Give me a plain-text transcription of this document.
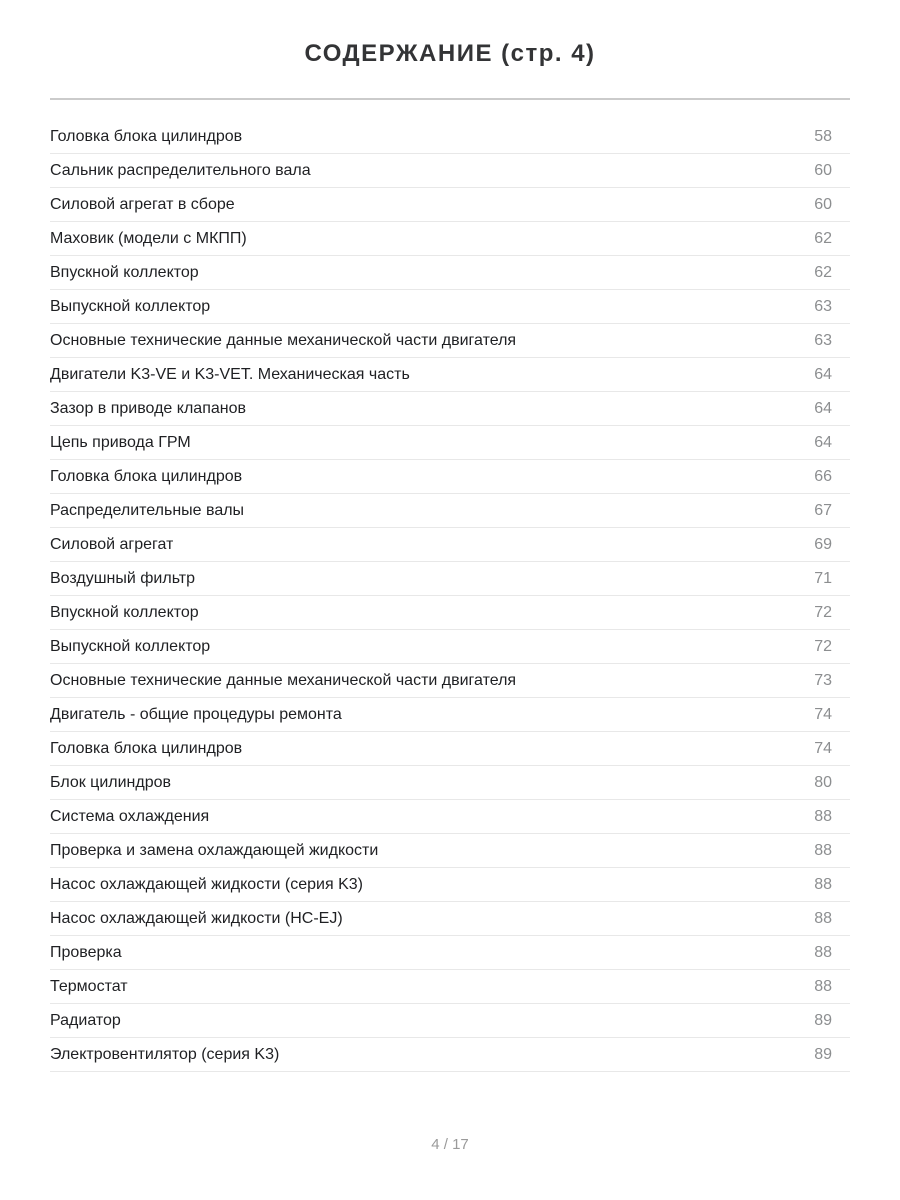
СОДЕРЖАНИЕ (стр. 4)
Головка блока цилиндров	58
Сальник распределительного вала	60
Силовой агрегат в сборе	60
Маховик (модели с МКПП)	62
Впускной коллектор	62
Выпускной коллектор	63
Основные технические данные механической части двигателя	63
Двигатели K3-VE и K3-VET. Механическая часть	64
Зазор в приводе клапанов	64
Цепь привода ГРМ	64
Головка блока цилиндров	66
Распределительные валы	67
Силовой агрегат	69
Воздушный фильтр	71
Впускной коллектор	72
Выпускной коллектор	72
Основные технические данные механической части двигателя	73
Двигатель - общие процедуры ремонта	74
Головка блока цилиндров	74
Блок цилиндров	80
Система охлаждения	88
Проверка и замена охлаждающей жидкости	88
Насос охлаждающей жидкости (серия K3)	88
Насос охлаждающей жидкости (HC-EJ)	88
Проверка	88
Термостат	88
Радиатор	89
Электровентилятор (серия K3)	89
4 / 17
